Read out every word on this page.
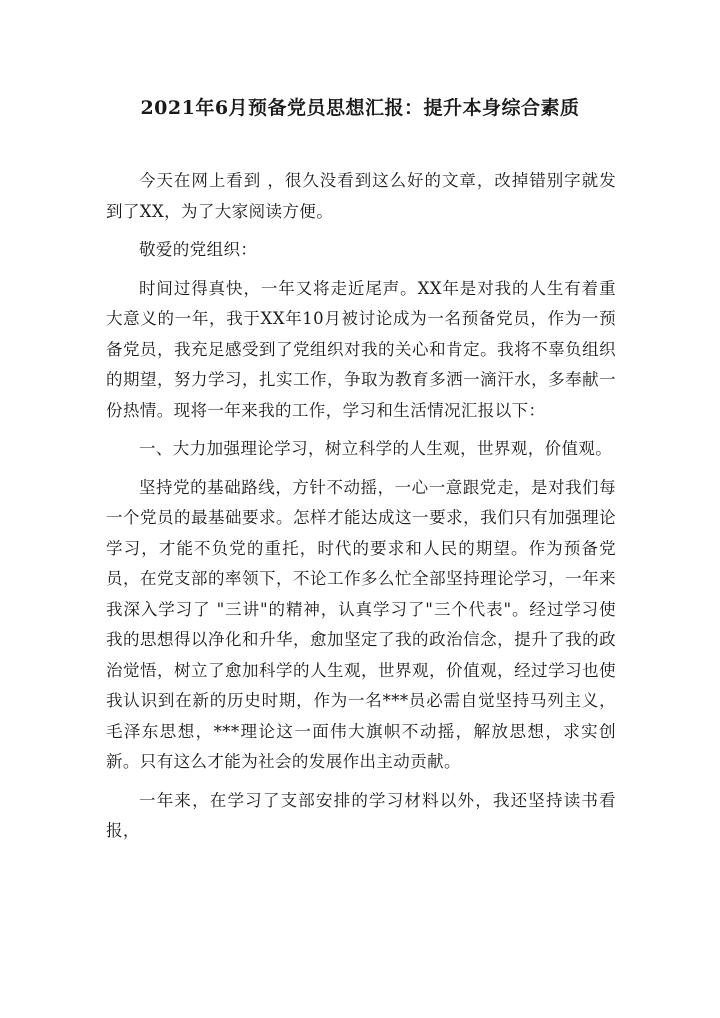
2021年6月预备党员思想汇报：提升本身综合素质

今天在网上看到 ，很久没看到这么好的文章，改掉错别字就发到了XX，为了大家阅读方便。

敬爱的党组织：

时间过得真快，一年又将走近尾声。XX年是对我的人生有着重大意义的一年，我于XX年10月被讨论成为一名预备党员，作为一预备党员，我充足感受到了党组织对我的关心和肯定。我将不辜负组织的期望，努力学习，扎实工作，争取为教育多洒一滴汗水，多奉献一份热情。现将一年来我的工作，学习和生活情况汇报以下：

一、大力加强理论学习，树立科学的人生观，世界观，价值观。

坚持党的基础路线，方针不动摇，一心一意跟党走，是对我们每一个党员的最基础要求。怎样才能达成这一要求，我们只有加强理论学习，才能不负党的重托，时代的要求和人民的期望。作为预备党员，在党支部的率领下，不论工作多么忙全部坚持理论学习，一年来我深入学习了 "三讲"的精神，认真学习了"三个代表"。经过学习使我的思想得以净化和升华，愈加坚定了我的政治信念，提升了我的政治觉悟，树立了愈加科学的人生观，世界观，价值观，经过学习也使我认识到在新的历史时期，作为一名***员必需自觉坚持马列主义，毛泽东思想，***理论这一面伟大旗帜不动摇，解放思想，求实创新。只有这么才能为社会的发展作出主动贡献。

一年来，在学习了支部安排的学习材料以外，我还坚持读书看报，
